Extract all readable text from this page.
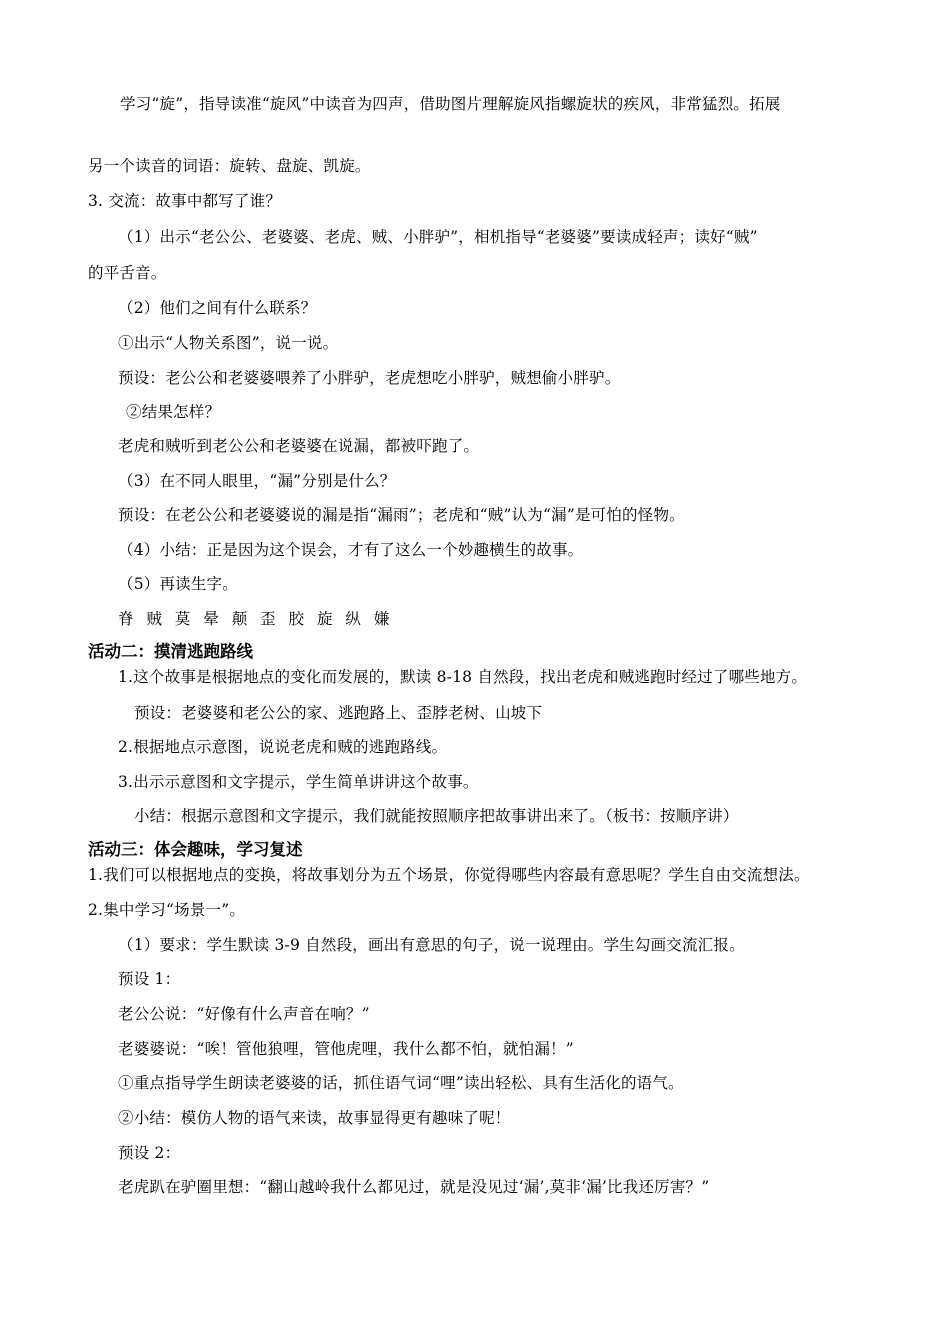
学习“旋”，指导读准“旋风”中读音为四声，借助图片理解旋风指螺旋状的疾风，非常猛烈。拓展
另一个读音的词语：旋转、盘旋、凯旋。
3. 交流：故事中都写了谁？
（1）出示“老公公、老婆婆、老虎、贼、小胖驴”，相机指导“老婆婆”要读成轻声；读好“贼”
的平舌音。
（2）他们之间有什么联系？
①出示“人物关系图”，说一说。
预设：老公公和老婆婆喂养了小胖驴，老虎想吃小胖驴，贼想偷小胖驴。
②结果怎样？
老虎和贼听到老公公和老婆婆在说漏，都被吓跑了。
（3）在不同人眼里，“漏”分别是什么？
预设：在老公公和老婆婆说的漏是指“漏雨”；老虎和“贼”认为“漏”是可怕的怪物。
（4）小结：正是因为这个误会，才有了这么一个妙趣横生的故事。
（5）再读生字。
脊 贼 莫 晕 颠 歪 胶 旋 纵 嫌
活动二：摸清逃跑路线
1.这个故事是根据地点的变化而发展的，默读 8-18 自然段，找出老虎和贼逃跑时经过了哪些地方。
预设：老婆婆和老公公的家、逃跑路上、歪脖老树、山坡下
2.根据地点示意图，说说老虎和贼的逃跑路线。
3.出示示意图和文字提示，学生简单讲讲这个故事。
小结：根据示意图和文字提示，我们就能按照顺序把故事讲出来了。（板书：按顺序讲）
活动三：体会趣味，学习复述
1.我们可以根据地点的变换，将故事划分为五个场景，你觉得哪些内容最有意思呢？学生自由交流想法。
2.集中学习“场景一”。
（1）要求：学生默读 3-9 自然段，画出有意思的句子，说一说理由。学生勾画交流汇报。
预设 1：
老公公说：“好像有什么声音在响？”
老婆婆说：“唉！管他狼哩，管他虎哩，我什么都不怕，就怕漏！”
①重点指导学生朗读老婆婆的话，抓住语气词“哩”读出轻松、具有生活化的语气。
②小结：模仿人物的语气来读，故事显得更有趣味了呢！
预设 2：
老虎趴在驴圈里想：“翻山越岭我什么都见过，就是没见过‘漏’,莫非‘漏’比我还厉害？”
